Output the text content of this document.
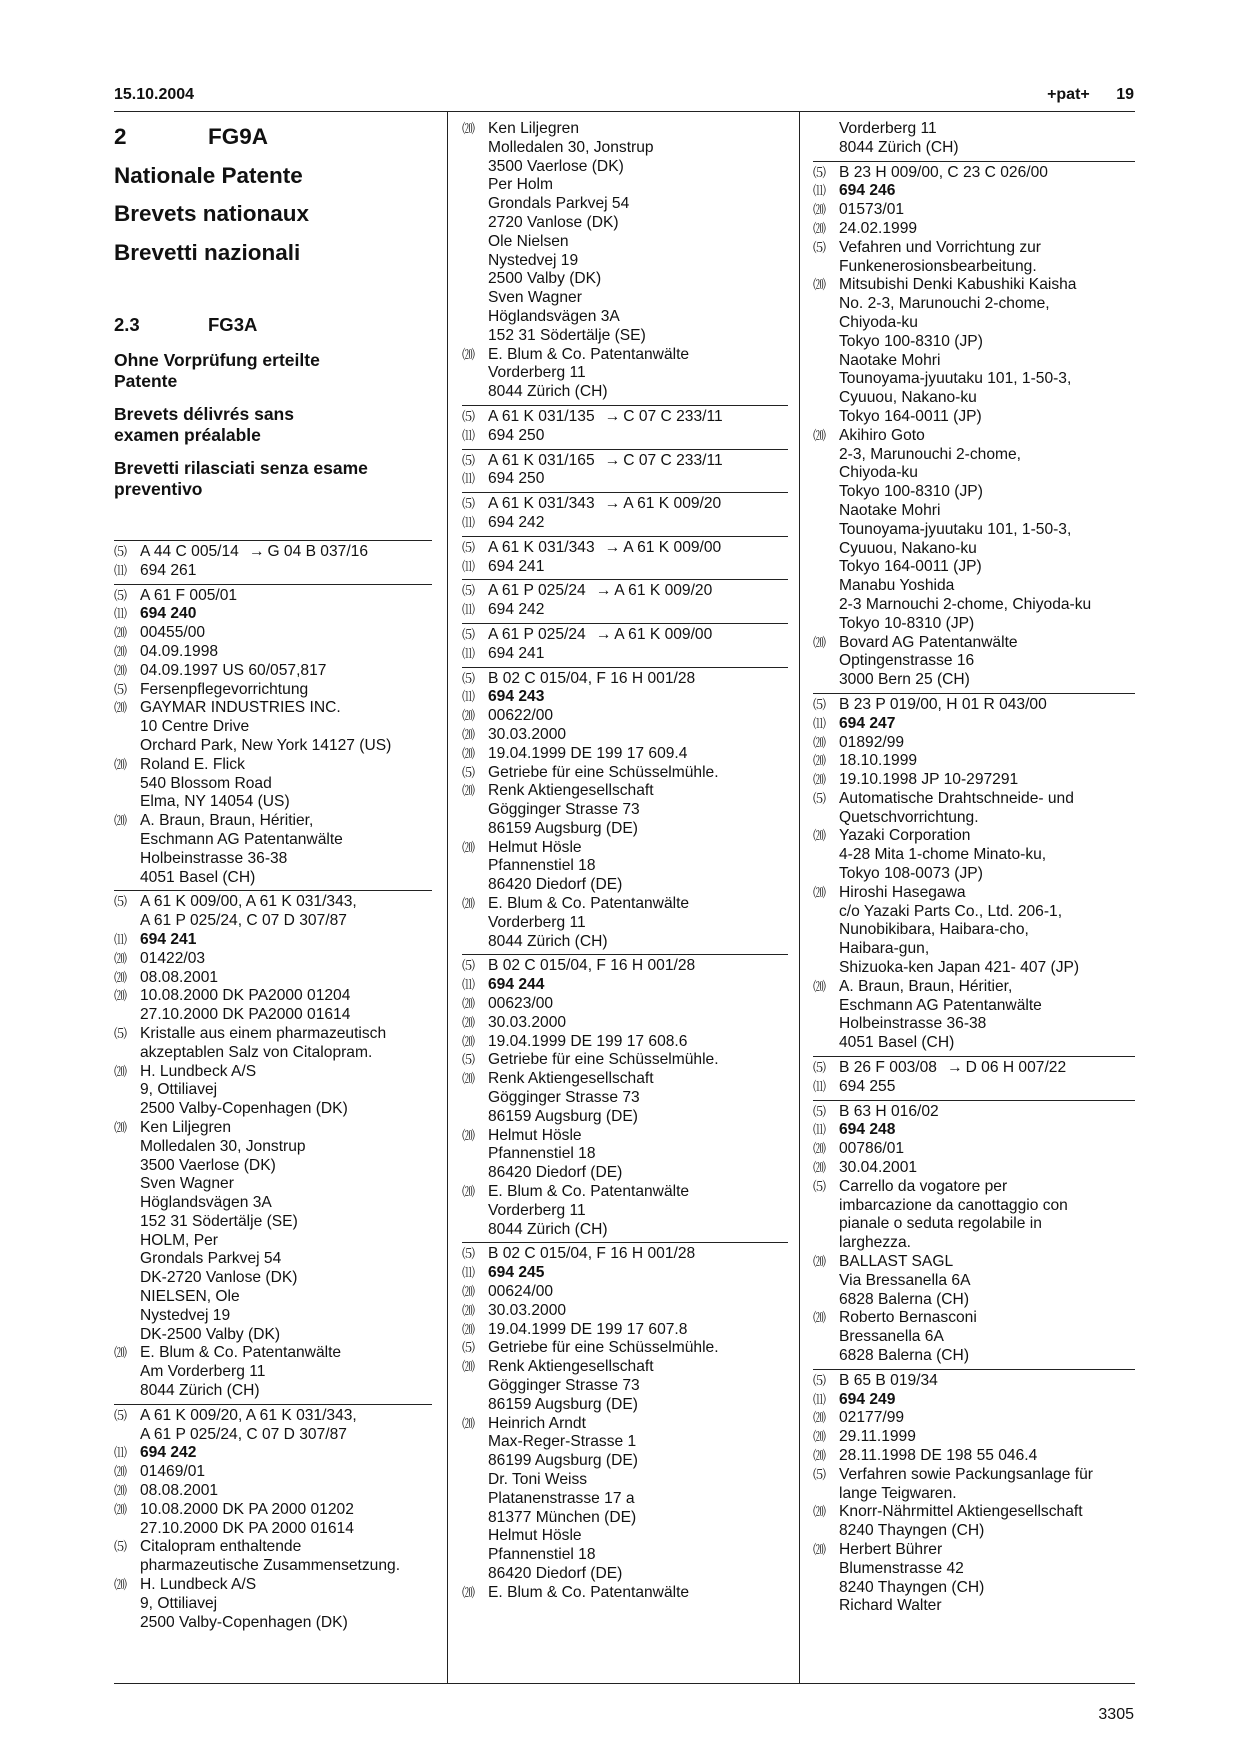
15.10.2004	+pat+ 19
2	FG9A
Nationale Patente
Brevets nationaux
Brevetti nazionali
2.3	FG3A
Ohne Vorprüfung erteilte Patente
Brevets délivrés sans examen préalable
Brevetti rilasciati senza esame preventivo
⑸ A 44 C 005/14 → G 04 B 037/16
⑾ 694 261
⑸ A 61 F 005/01
⑾ 694 240
⒇ 00455/00
⒇ 04.09.1998
⒇ 04.09.1997 US 60/057,817
⑸ Fersenpflegevorrichtung
⒇ GAYMAR INDUSTRIES INC.
10 Centre Drive
Orchard Park, New York 14127 (US)
⒇ Roland E. Flick
540 Blossom Road
Elma, NY 14054 (US)
⒇ A. Braun, Braun, Héritier,
Eschmann AG Patentanwälte
Holbeinstrasse 36-38
4051 Basel (CH)
⑸ A 61 K 009/00, A 61 K 031/343,
A 61 P 025/24, C 07 D 307/87
⑾ 694 241
⒇ 01422/03
⒇ 08.08.2001
⒇ 10.08.2000 DK PA2000 01204
27.10.2000 DK PA2000 01614
⑸ Kristalle aus einem pharmazeutisch
akzeptablen Salz von Citalopram.
⒇ H. Lundbeck A/S
9, Ottiliavej
2500 Valby-Copenhagen (DK)
⒇ Ken Liljegren
Molledalen 30, Jonstrup
3500 Vaerlose (DK)
Sven Wagner
Höglandsvägen 3A
152 31 Södertälje (SE)
HOLM, Per
Grondals Parkvej 54
DK-2720 Vanlose (DK)
NIELSEN, Ole
Nystedvej 19
DK-2500 Valby (DK)
⒇ E. Blum & Co. Patentanwälte
Am Vorderberg 11
8044 Zürich (CH)
⑸ A 61 K 009/20, A 61 K 031/343,
A 61 P 025/24, C 07 D 307/87
⑾ 694 242
⒇ 01469/01
⒇ 08.08.2001
⒇ 10.08.2000 DK PA 2000 01202
27.10.2000 DK PA 2000 01614
⑸ Citalopram enthaltende
pharmazeutische Zusammensetzung.
⒇ H. Lundbeck A/S
9, Ottiliavej
2500 Valby-Copenhagen (DK)
⒇ Ken Liljegren
Molledalen 30, Jonstrup
3500 Vaerlose (DK)
Per Holm
Grondals Parkvej 54
2720 Vanlose (DK)
Ole Nielsen
Nystedvej 19
2500 Valby (DK)
Sven Wagner
Höglandsvägen 3A
152 31 Södertälje (SE)
⒇ E. Blum & Co. Patentanwälte
Vorderberg 11
8044 Zürich (CH)
⑸ A 61 K 031/135 → C 07 C 233/11
⑾ 694 250
⑸ A 61 K 031/165 → C 07 C 233/11
⑾ 694 250
⑸ A 61 K 031/343 → A 61 K 009/20
⑾ 694 242
⑸ A 61 K 031/343 → A 61 K 009/00
⑾ 694 241
⑸ A 61 P 025/24 → A 61 K 009/20
⑾ 694 242
⑸ A 61 P 025/24 → A 61 K 009/00
⑾ 694 241
⑸ B 02 C 015/04, F 16 H 001/28
⑾ 694 243
⒇ 00622/00
⒇ 30.03.2000
⒇ 19.04.1999 DE 199 17 609.4
⑸ Getriebe für eine Schüsselmühle.
⒇ Renk Aktiengesellschaft
Gögginger Strasse 73
86159 Augsburg (DE)
⒇ Helmut Hösle
Pfannenstiel 18
86420 Diedorf (DE)
⒇ E. Blum & Co. Patentanwälte
Vorderberg 11
8044 Zürich (CH)
⑸ B 02 C 015/04, F 16 H 001/28
⑾ 694 244
⒇ 00623/00
⒇ 30.03.2000
⒇ 19.04.1999 DE 199 17 608.6
⑸ Getriebe für eine Schüsselmühle.
⒇ Renk Aktiengesellschaft
Gögginger Strasse 73
86159 Augsburg (DE)
⒇ Helmut Hösle
Pfannenstiel 18
86420 Diedorf (DE)
⒇ E. Blum & Co. Patentanwälte
Vorderberg 11
8044 Zürich (CH)
⑸ B 02 C 015/04, F 16 H 001/28
⑾ 694 245
⒇ 00624/00
⒇ 30.03.2000
⒇ 19.04.1999 DE 199 17 607.8
⑸ Getriebe für eine Schüsselmühle.
⒇ Renk Aktiengesellschaft
Gögginger Strasse 73
86159 Augsburg (DE)
⒇ Heinrich Arndt
Max-Reger-Strasse 1
86199 Augsburg (DE)
Dr. Toni Weiss
Platanenstrasse 17 a
81377 München (DE)
Helmut Hösle
Pfannenstiel 18
86420 Diedorf (DE)
⒇ E. Blum & Co. Patentanwälte
Vorderberg 11
8044 Zürich (CH)
⑸ B 23 H 009/00, C 23 C 026/00
⑾ 694 246
⒇ 01573/01
⒇ 24.02.1999
⑸ Vefahren und Vorrichtung zur
Funkenerosionsbearbeitung.
⒇ Mitsubishi Denki Kabushiki Kaisha
No. 2-3, Marunouchi 2-chome,
Chiyoda-ku
Tokyo 100-8310 (JP)
Naotake Mohri
Tounoyama-jyuutaku 101, 1-50-3,
Cyuuou, Nakano-ku
Tokyo 164-0011 (JP)
⒇ Akihiro Goto
2-3, Marunouchi 2-chome,
Chiyoda-ku
Tokyo 100-8310 (JP)
Naotake Mohri
Tounoyama-jyuutaku 101, 1-50-3,
Cyuuou, Nakano-ku
Tokyo 164-0011 (JP)
Manabu Yoshida
2-3 Marnouchi 2-chome, Chiyoda-ku
Tokyo 10-8310 (JP)
⒇ Bovard AG Patentanwälte
Optingenstrasse 16
3000 Bern 25 (CH)
⑸ B 23 P 019/00, H 01 R 043/00
⑾ 694 247
⒇ 01892/99
⒇ 18.10.1999
⒇ 19.10.1998 JP 10-297291
⑸ Automatische Drahtschneide- und
Quetschvorrichtung.
⒇ Yazaki Corporation
4-28 Mita 1-chome Minato-ku,
Tokyo 108-0073 (JP)
⒇ Hiroshi Hasegawa
c/o Yazaki Parts Co., Ltd. 206-1,
Nunobikibara, Haibara-cho,
Haibara-gun,
Shizuoka-ken Japan 421- 407 (JP)
⒇ A. Braun, Braun, Héritier,
Eschmann AG Patentanwälte
Holbeinstrasse 36-38
4051 Basel (CH)
⑸ B 26 F 003/08 → D 06 H 007/22
⑾ 694 255
⑸ B 63 H 016/02
⑾ 694 248
⒇ 00786/01
⒇ 30.04.2001
⑸ Carrello da vogatore per
imbarcazione da canottaggio con
pianale o seduta regolabile in
larghezza.
⒇ BALLAST SAGL
Via Bressanella 6A
6828 Balerna (CH)
⒇ Roberto Bernasconi
Bressanella 6A
6828 Balerna (CH)
⑸ B 65 B 019/34
⑾ 694 249
⒇ 02177/99
⒇ 29.11.1999
⒇ 28.11.1998 DE 198 55 046.4
⑸ Verfahren sowie Packungsanlage für
lange Teigwaren.
⒇ Knorr-Nährmittel Aktiengesellschaft
8240 Thayngen (CH)
⒇ Herbert Bührer
Blumenstrasse 42
8240 Thayngen (CH)
Richard Walter
3305
